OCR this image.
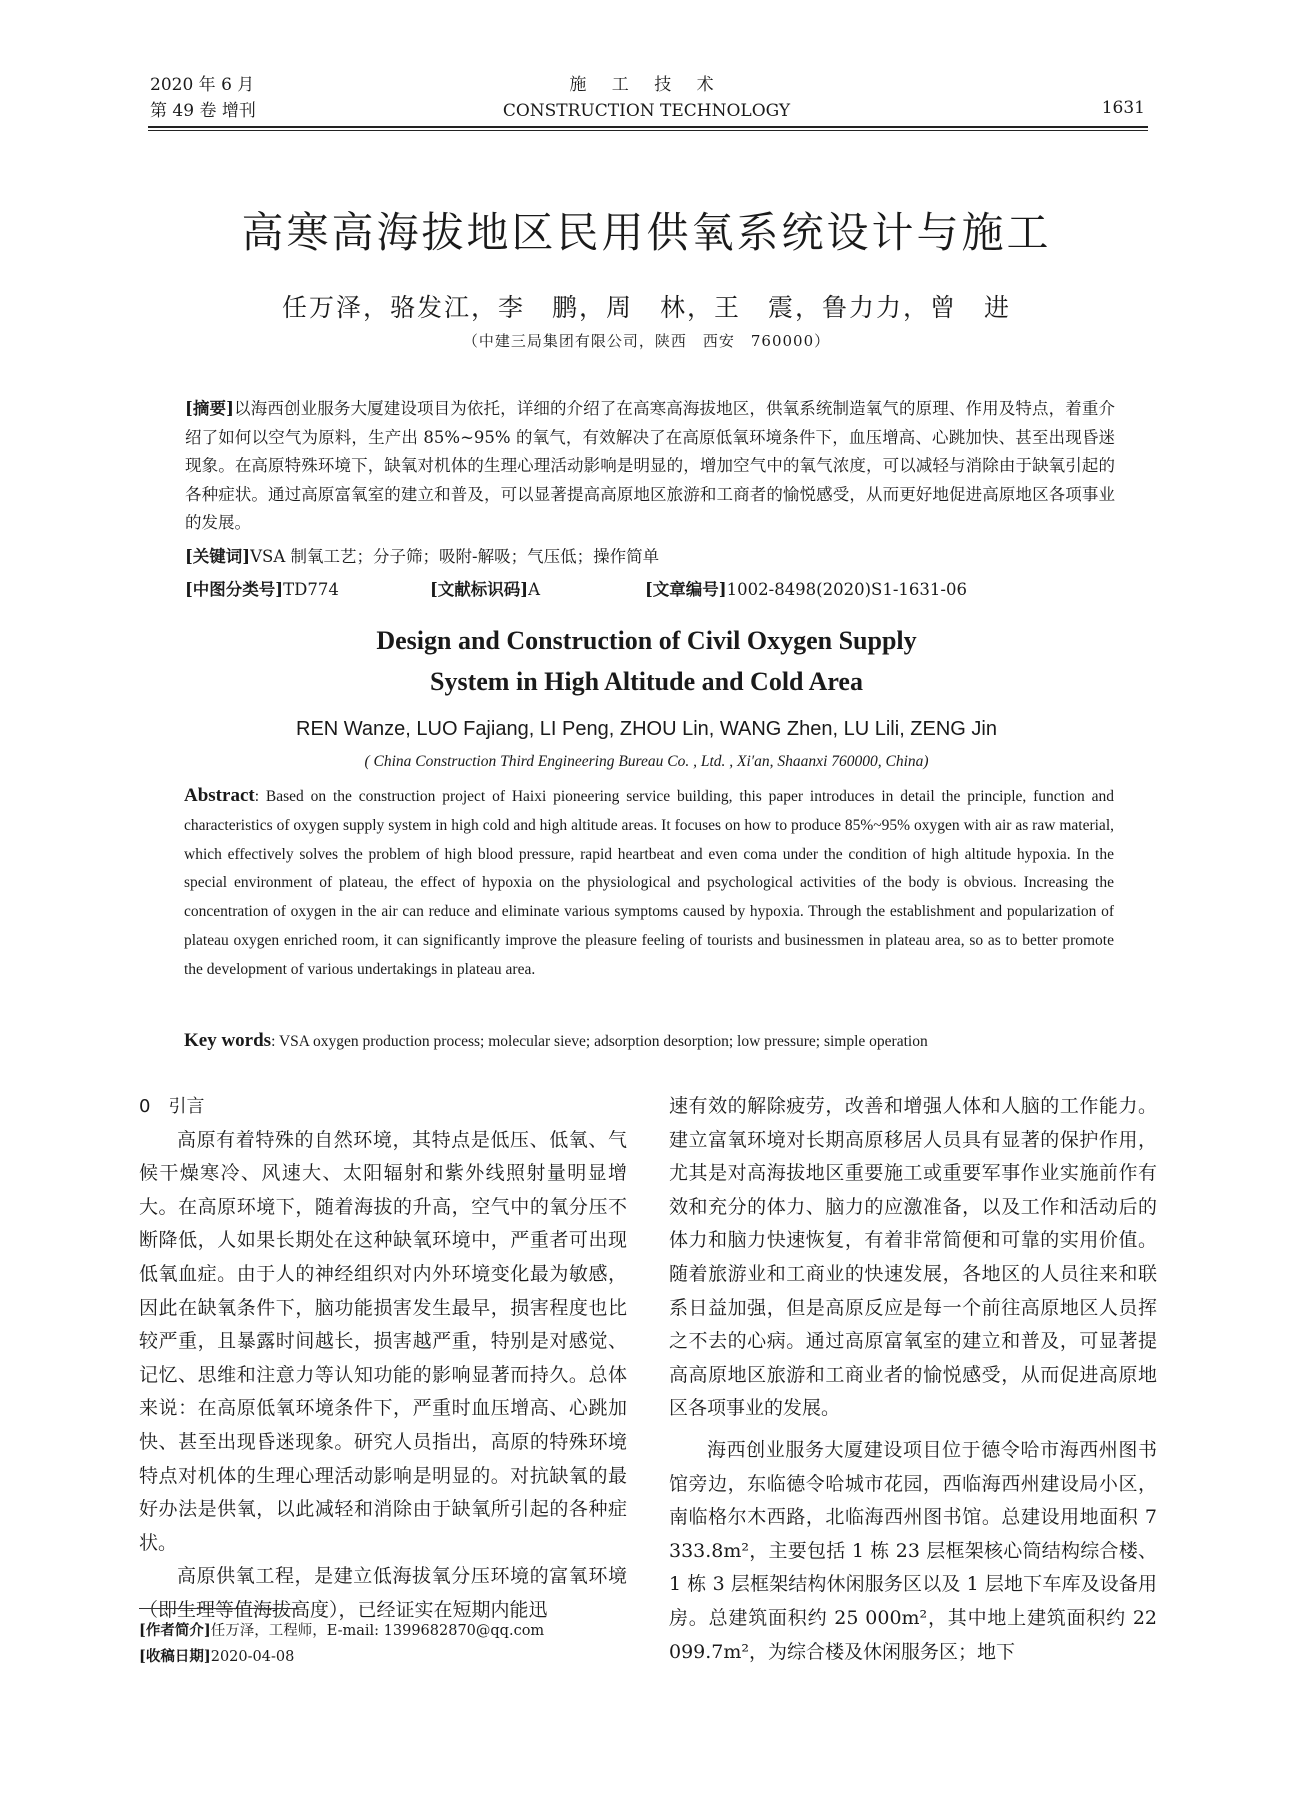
2020 年 6 月
第 49 卷 增刊
施 工 技 术
CONSTRUCTION TECHNOLOGY	1631
高寒高海拔地区民用供氧系统设计与施工
任万泽，骆发江，李　鹏，周　林，王　震，鲁力力，曾　进
（中建三局集团有限公司，陕西　西安　760000）
[摘要]以海西创业服务大厦建设项目为依托，详细的介绍了在高寒高海拔地区，供氧系统制造氧气的原理、作用及特点，着重介绍了如何以空气为原料，生产出 85%~95% 的氧气，有效解决了在高原低氧环境条件下，血压增高、心跳加快、甚至出现昏迷现象。在高原特殊环境下，缺氧对机体的生理心理活动影响是明显的，增加空气中的氧气浓度，可以减轻与消除由于缺氧引起的各种症状。通过高原富氧室的建立和普及，可以显著提高高原地区旅游和工商者的愉悦感受，从而更好地促进高原地区各项事业的发展。
[关键词]VSA 制氧工艺；分子筛；吸附-解吸；气压低；操作简单
[中图分类号]TD774	[文献标识码]A	[文章编号]1002-8498(2020)S1-1631-06
Design and Construction of Civil Oxygen Supply
System in High Altitude and Cold Area
REN Wanze, LUO Fajiang, LI Peng, ZHOU Lin, WANG Zhen, LU Lili, ZENG Jin
( China Construction Third Engineering Bureau Co. , Ltd. , Xi′an, Shaanxi 760000, China)
Abstract: Based on the construction project of Haixi pioneering service building, this paper introduces in detail the principle, function and characteristics of oxygen supply system in high cold and high altitude areas. It focuses on how to produce 85%~95% oxygen with air as raw material, which effectively solves the problem of high blood pressure, rapid heartbeat and even coma under the condition of high altitude hypoxia. In the special environment of plateau, the effect of hypoxia on the physiological and psychological activities of the body is obvious. Increasing the concentration of oxygen in the air can reduce and eliminate various symptoms caused by hypoxia. Through the establishment and popularization of plateau oxygen enriched room, it can significantly improve the pleasure feeling of tourists and businessmen in plateau area, so as to better promote the development of various undertakings in plateau area.
Key words: VSA oxygen production process; molecular sieve; adsorption desorption; low pressure; simple operation
0　引言

高原有着特殊的自然环境，其特点是低压、低氧、气候干燥寒冷、风速大、太阳辐射和紫外线照射量明显增大。在高原环境下，随着海拔的升高，空气中的氧分压不断降低，人如果长期处在这种缺氧环境中，严重者可出现低氧血症。由于人的神经组织对内外环境变化最为敏感，因此在缺氧条件下，脑功能损害发生最早，损害程度也比较严重，且暴露时间越长，损害越严重，特别是对感觉、记忆、思维和注意力等认知功能的影响显著而持久。总体来说：在高原低氧环境条件下，严重时血压增高、心跳加快、甚至出现昏迷现象。研究人员指出，高原的特殊环境特点对机体的生理心理活动影响是明显的。对抗缺氧的最好办法是供氧，以此减轻和消除由于缺氧所引起的各种症状。

高原供氧工程，是建立低海拔氧分压环境的富氧环境（即生理等值海拔高度），已经证实在短期内能迅

速有效的解除疲劳，改善和增强人体和人脑的工作能力。建立富氧环境对长期高原移居人员具有显著的保护作用，尤其是对高海拔地区重要施工或重要军事作业实施前作有效和充分的体力、脑力的应激准备，以及工作和活动后的体力和脑力快速恢复，有着非常简便和可靠的实用价值。随着旅游业和工商业的快速发展，各地区的人员往来和联系日益加强，但是高原反应是每一个前往高原地区人员挥之不去的心病。通过高原富氧室的建立和普及，可显著提高高原地区旅游和工商业者的愉悦感受，从而促进高原地区各项事业的发展。

海西创业服务大厦建设项目位于德令哈市海西州图书馆旁边，东临德令哈城市花园，西临海西州建设局小区，南临格尔木西路，北临海西州图书馆。总建设用地面积 7 333.8m²，主要包括 1 栋 23 层框架核心筒结构综合楼、1 栋 3 层框架结构休闲服务区以及 1 层地下车库及设备用房。总建筑面积约 25 000m²，其中地上建筑面积约 22 099.7m²，为综合楼及休闲服务区；地下

[作者简介]任万泽，工程师，E-mail: 1399682870@qq.com
[收稿日期]2020-04-08
